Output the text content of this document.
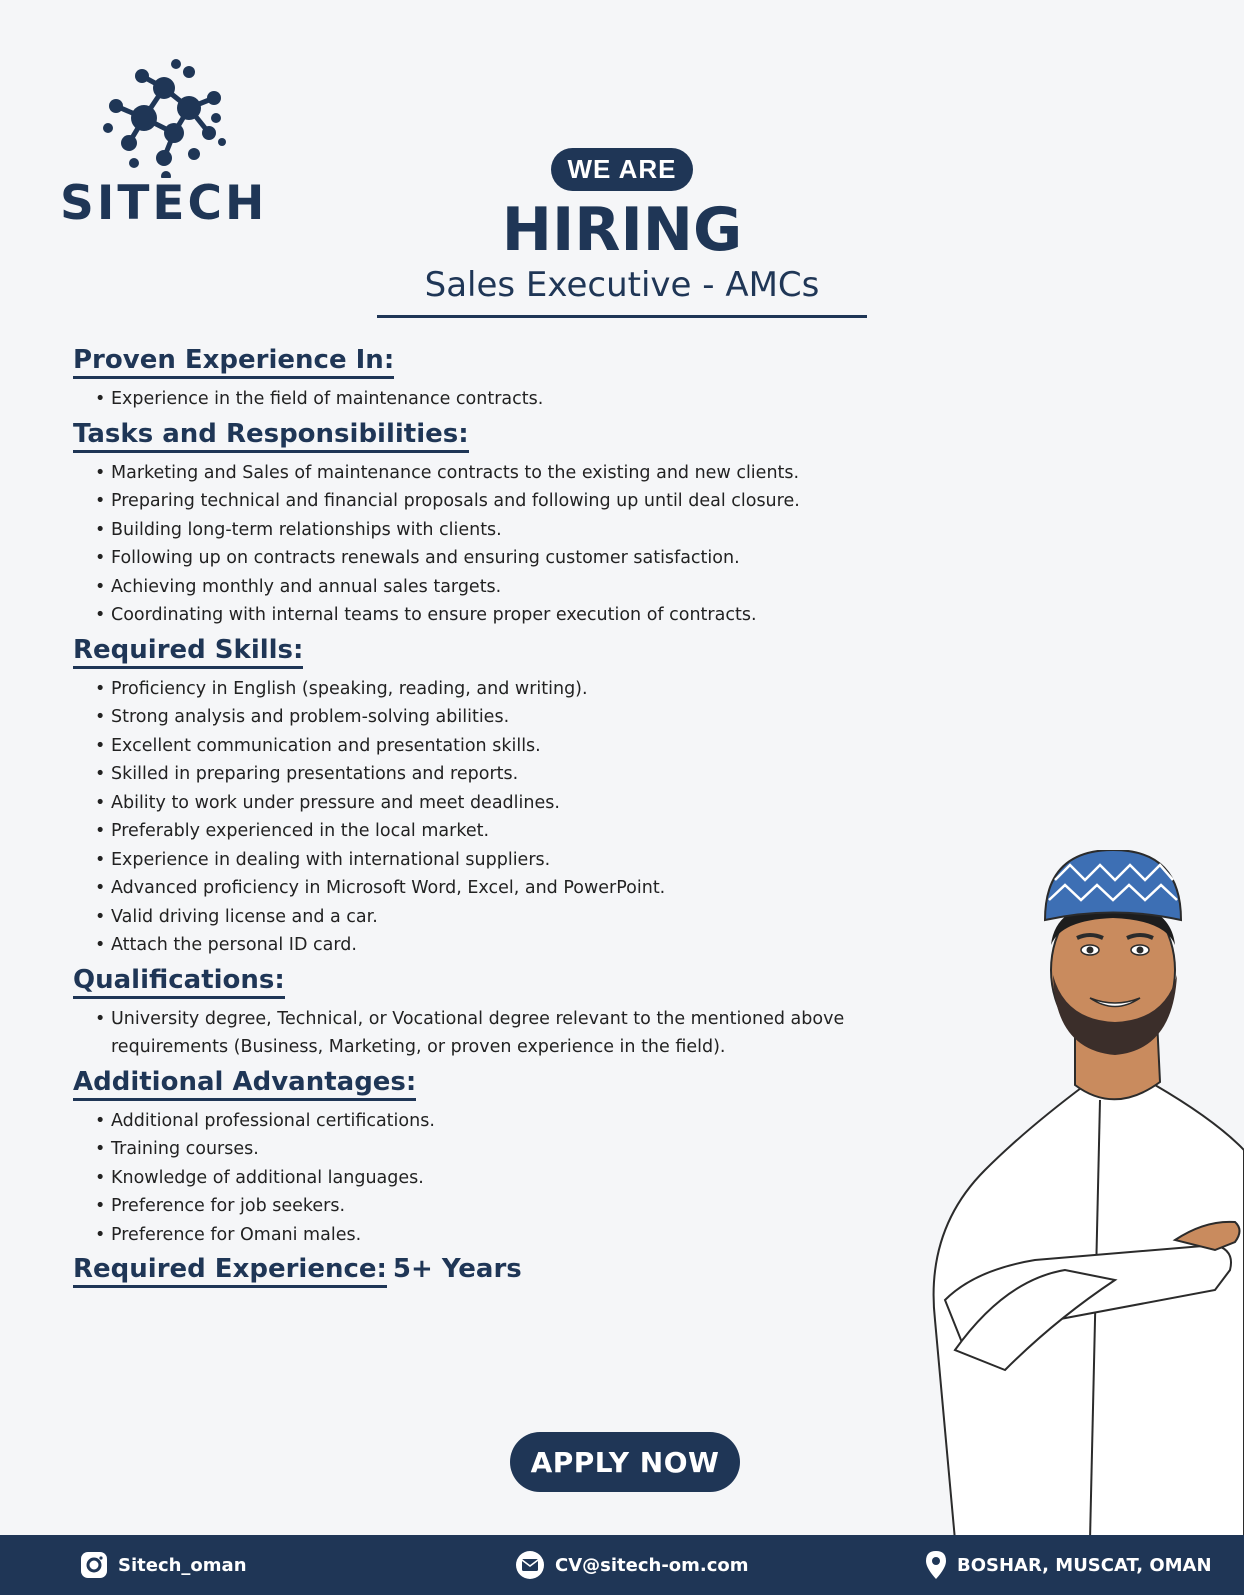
SITECH
WE ARE
HIRING
Sales Executive - AMCs
Proven Experience In:
• Experience in the field of maintenance contracts.
Tasks and Responsibilities:
• Marketing and Sales of maintenance contracts to the existing and new clients.
• Preparing technical and financial proposals and following up until deal closure.
• Building long-term relationships with clients.
• Following up on contracts renewals and ensuring customer satisfaction.
• Achieving monthly and annual sales targets.
• Coordinating with internal teams to ensure proper execution of contracts.
Required Skills:
• Proficiency in English (speaking, reading, and writing).
• Strong analysis and problem-solving abilities.
• Excellent communication and presentation skills.
• Skilled in preparing presentations and reports.
• Ability to work under pressure and meet deadlines.
• Preferably experienced in the local market.
• Experience in dealing with international suppliers.
• Advanced proficiency in Microsoft Word, Excel, and PowerPoint.
• Valid driving license and a car.
• Attach the personal ID card.
Qualifications:
• University degree, Technical, or Vocational degree relevant to the mentioned above requirements (Business, Marketing, or proven experience in the field).
Additional Advantages:
• Additional professional certifications.
• Training courses.
• Knowledge of additional languages.
• Preference for job seekers.
• Preference for Omani males.
Required Experience: 5+ Years
APPLY NOW
Sitech_oman	CV@sitech-om.com	BOSHAR, MUSCAT, OMAN
